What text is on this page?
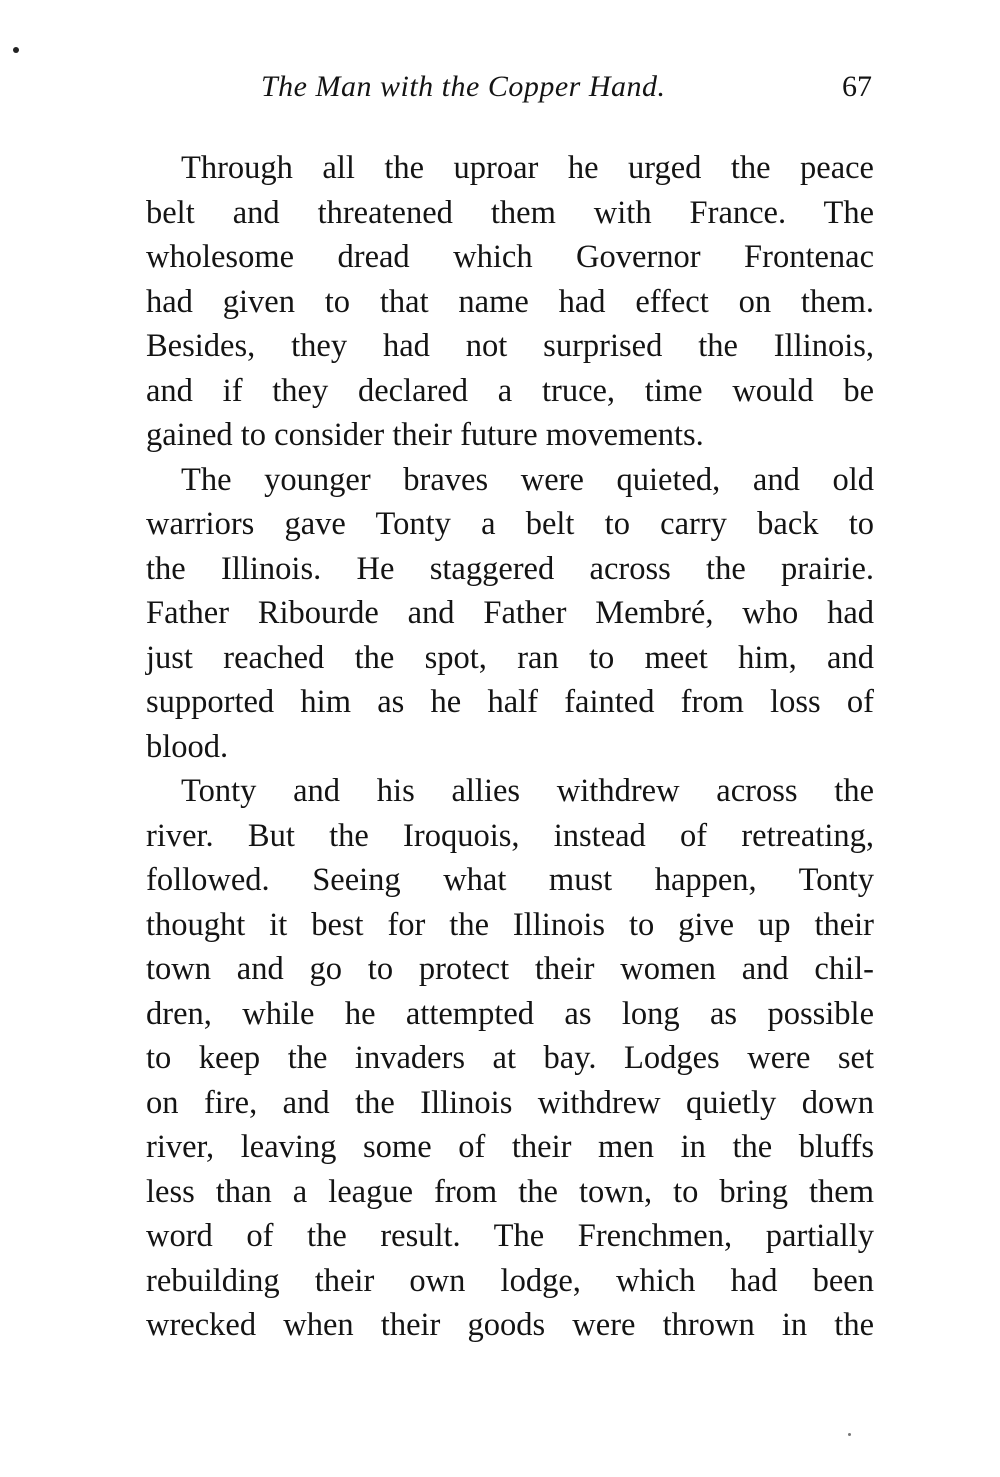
The Man with the Copper Hand.	67
Through all the uproar he urged the peace
belt and threatened them with France. The
wholesome dread which Governor Frontenac
had given to that name had effect on them.
Besides, they had not surprised the Illinois,
and if they declared a truce, time would be
gained to consider their future movements.
The younger braves were quieted, and old
warriors gave Tonty a belt to carry back to
the Illinois. He staggered across the prairie.
Father Ribourde and Father Membré, who had
just reached the spot, ran to meet him, and
supported him as he half fainted from loss of
blood.
Tonty and his allies withdrew across the
river. But the Iroquois, instead of retreating,
followed. Seeing what must happen, Tonty
thought it best for the Illinois to give up their
town and go to protect their women and chil-
dren, while he attempted as long as possible
to keep the invaders at bay. Lodges were set
on fire, and the Illinois withdrew quietly down
river, leaving some of their men in the bluffs
less than a league from the town, to bring them
word of the result. The Frenchmen, partially
rebuilding their own lodge, which had been
wrecked when their goods were thrown in the
